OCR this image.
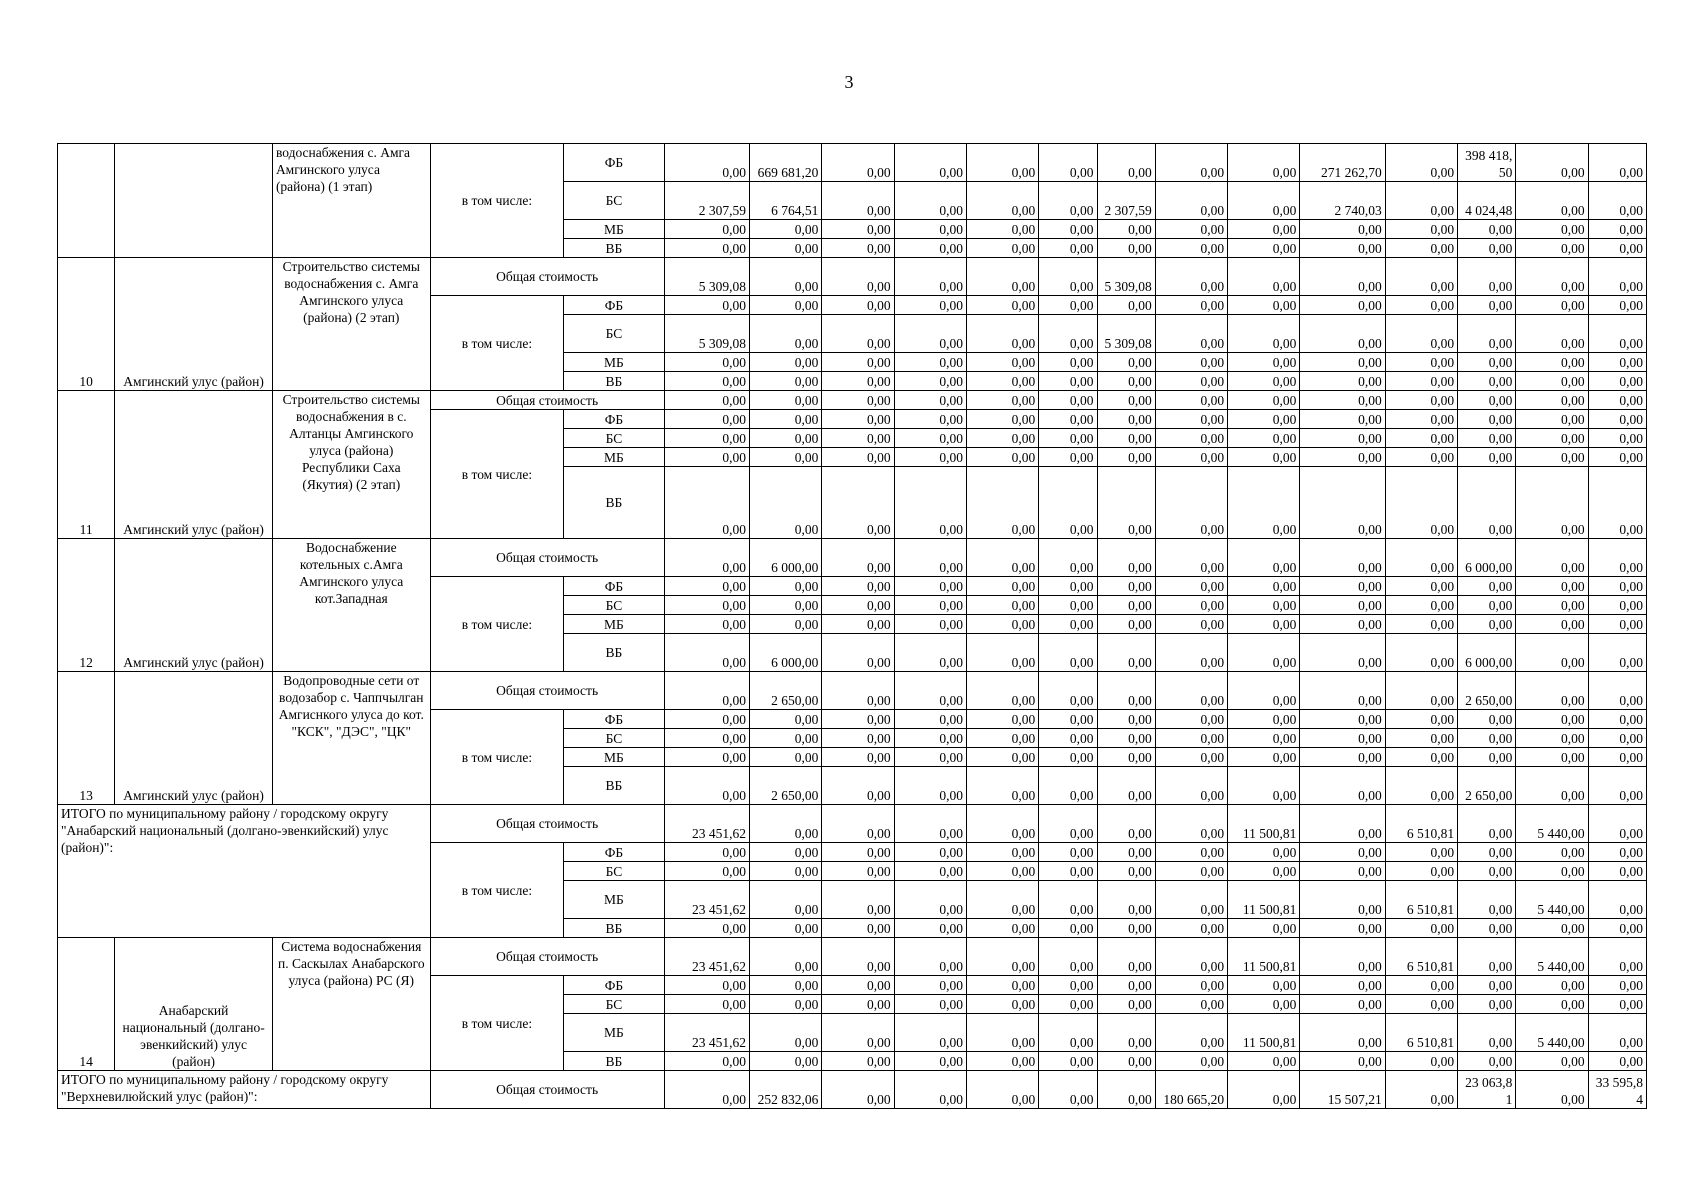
3
		водоснабжения с. Амга Амгинского улуса (района) (1 этап)	в том числе:	ФБ	0,00	669 681,20	0,00	0,00	0,00	0,00	0,00	0,00	0,00	271 262,70	0,00	398 418,50	0,00	0,00
				БС	2 307,59	6 764,51	0,00	0,00	0,00	0,00	2 307,59	0,00	0,00	2 740,03	0,00	4 024,48	0,00	0,00
				МБ	0,00	0,00	0,00	0,00	0,00	0,00	0,00	0,00	0,00	0,00	0,00	0,00	0,00	0,00
				ВБ	0,00	0,00	0,00	0,00	0,00	0,00	0,00	0,00	0,00	0,00	0,00	0,00	0,00	0,00
10	Амгинский улус (район)	Строительство системы водоснабжения с. Амга Амгинского улуса (района) (2 этап)	Общая стоимость		5 309,08	0,00	0,00	0,00	0,00	0,00	5 309,08	0,00	0,00	0,00	0,00	0,00	0,00	0,00
			в том числе:	ФБ	0,00	0,00	0,00	0,00	0,00	0,00	0,00	0,00	0,00	0,00	0,00	0,00	0,00	0,00
				БС	5 309,08	0,00	0,00	0,00	0,00	0,00	5 309,08	0,00	0,00	0,00	0,00	0,00	0,00	0,00
				МБ	0,00	0,00	0,00	0,00	0,00	0,00	0,00	0,00	0,00	0,00	0,00	0,00	0,00	0,00
				ВБ	0,00	0,00	0,00	0,00	0,00	0,00	0,00	0,00	0,00	0,00	0,00	0,00	0,00	0,00
11	Амгинский улус (район)	Строительство системы водоснабжения в с. Алтанцы Амгинского улуса (района) Республики Саха (Якутия) (2 этап)	Общая стоимость		0,00	0,00	0,00	0,00	0,00	0,00	0,00	0,00	0,00	0,00	0,00	0,00	0,00	0,00
			в том числе:	ФБ	0,00	0,00	0,00	0,00	0,00	0,00	0,00	0,00	0,00	0,00	0,00	0,00	0,00	0,00
				БС	0,00	0,00	0,00	0,00	0,00	0,00	0,00	0,00	0,00	0,00	0,00	0,00	0,00	0,00
				МБ	0,00	0,00	0,00	0,00	0,00	0,00	0,00	0,00	0,00	0,00	0,00	0,00	0,00	0,00
				ВБ	0,00	0,00	0,00	0,00	0,00	0,00	0,00	0,00	0,00	0,00	0,00	0,00	0,00	0,00
12	Амгинский улус (район)	Водоснабжение котельных с.Амга Амгинского улуса кот.Западная	Общая стоимость		0,00	6 000,00	0,00	0,00	0,00	0,00	0,00	0,00	0,00	0,00	0,00	6 000,00	0,00	0,00
			в том числе:	ФБ	0,00	0,00	0,00	0,00	0,00	0,00	0,00	0,00	0,00	0,00	0,00	0,00	0,00	0,00
				БС	0,00	0,00	0,00	0,00	0,00	0,00	0,00	0,00	0,00	0,00	0,00	0,00	0,00	0,00
				МБ	0,00	0,00	0,00	0,00	0,00	0,00	0,00	0,00	0,00	0,00	0,00	0,00	0,00	0,00
				ВБ	0,00	6 000,00	0,00	0,00	0,00	0,00	0,00	0,00	0,00	0,00	0,00	6 000,00	0,00	0,00
13	Амгинский улус (район)	Водопроводные сети от водозабор с. Чаппчылган Амгиснкого улуса до кот. "КСК", "ДЭС", "ЦК"	Общая стоимость		0,00	2 650,00	0,00	0,00	0,00	0,00	0,00	0,00	0,00	0,00	0,00	2 650,00	0,00	0,00
			в том числе:	ФБ	0,00	0,00	0,00	0,00	0,00	0,00	0,00	0,00	0,00	0,00	0,00	0,00	0,00	0,00
				БС	0,00	0,00	0,00	0,00	0,00	0,00	0,00	0,00	0,00	0,00	0,00	0,00	0,00	0,00
				МБ	0,00	0,00	0,00	0,00	0,00	0,00	0,00	0,00	0,00	0,00	0,00	0,00	0,00	0,00
				ВБ	0,00	2 650,00	0,00	0,00	0,00	0,00	0,00	0,00	0,00	0,00	0,00	2 650,00	0,00	0,00
ИТОГО по муниципальному району / городскому округу "Анабарский национальный (долгано-эвенкийский) улус (район)":			Общая стоимость		23 451,62	0,00	0,00	0,00	0,00	0,00	0,00	0,00	11 500,81	0,00	6 510,81	0,00	5 440,00	0,00
			в том числе:	ФБ	0,00	0,00	0,00	0,00	0,00	0,00	0,00	0,00	0,00	0,00	0,00	0,00	0,00	0,00
				БС	0,00	0,00	0,00	0,00	0,00	0,00	0,00	0,00	0,00	0,00	0,00	0,00	0,00	0,00
				МБ	23 451,62	0,00	0,00	0,00	0,00	0,00	0,00	0,00	11 500,81	0,00	6 510,81	0,00	5 440,00	0,00
				ВБ	0,00	0,00	0,00	0,00	0,00	0,00	0,00	0,00	0,00	0,00	0,00	0,00	0,00	0,00
14	Анабарский национальный (долгано-эвенкийский) улус (район)	Система водоснабжения п. Саскылах Анабарского улуса (района) РС (Я)	Общая стоимость		23 451,62	0,00	0,00	0,00	0,00	0,00	0,00	0,00	11 500,81	0,00	6 510,81	0,00	5 440,00	0,00
			в том числе:	ФБ	0,00	0,00	0,00	0,00	0,00	0,00	0,00	0,00	0,00	0,00	0,00	0,00	0,00	0,00
				БС	0,00	0,00	0,00	0,00	0,00	0,00	0,00	0,00	0,00	0,00	0,00	0,00	0,00	0,00
				МБ	23 451,62	0,00	0,00	0,00	0,00	0,00	0,00	0,00	11 500,81	0,00	6 510,81	0,00	5 440,00	0,00
				ВБ	0,00	0,00	0,00	0,00	0,00	0,00	0,00	0,00	0,00	0,00	0,00	0,00	0,00	0,00
ИТОГО по муниципальному району / городскому округу "Верхневилюйский улус (район)":			Общая стоимость		0,00	252 832,06	0,00	0,00	0,00	0,00	0,00	180 665,20	0,00	15 507,21	0,00	23 063,81	0,00	33 595,84
